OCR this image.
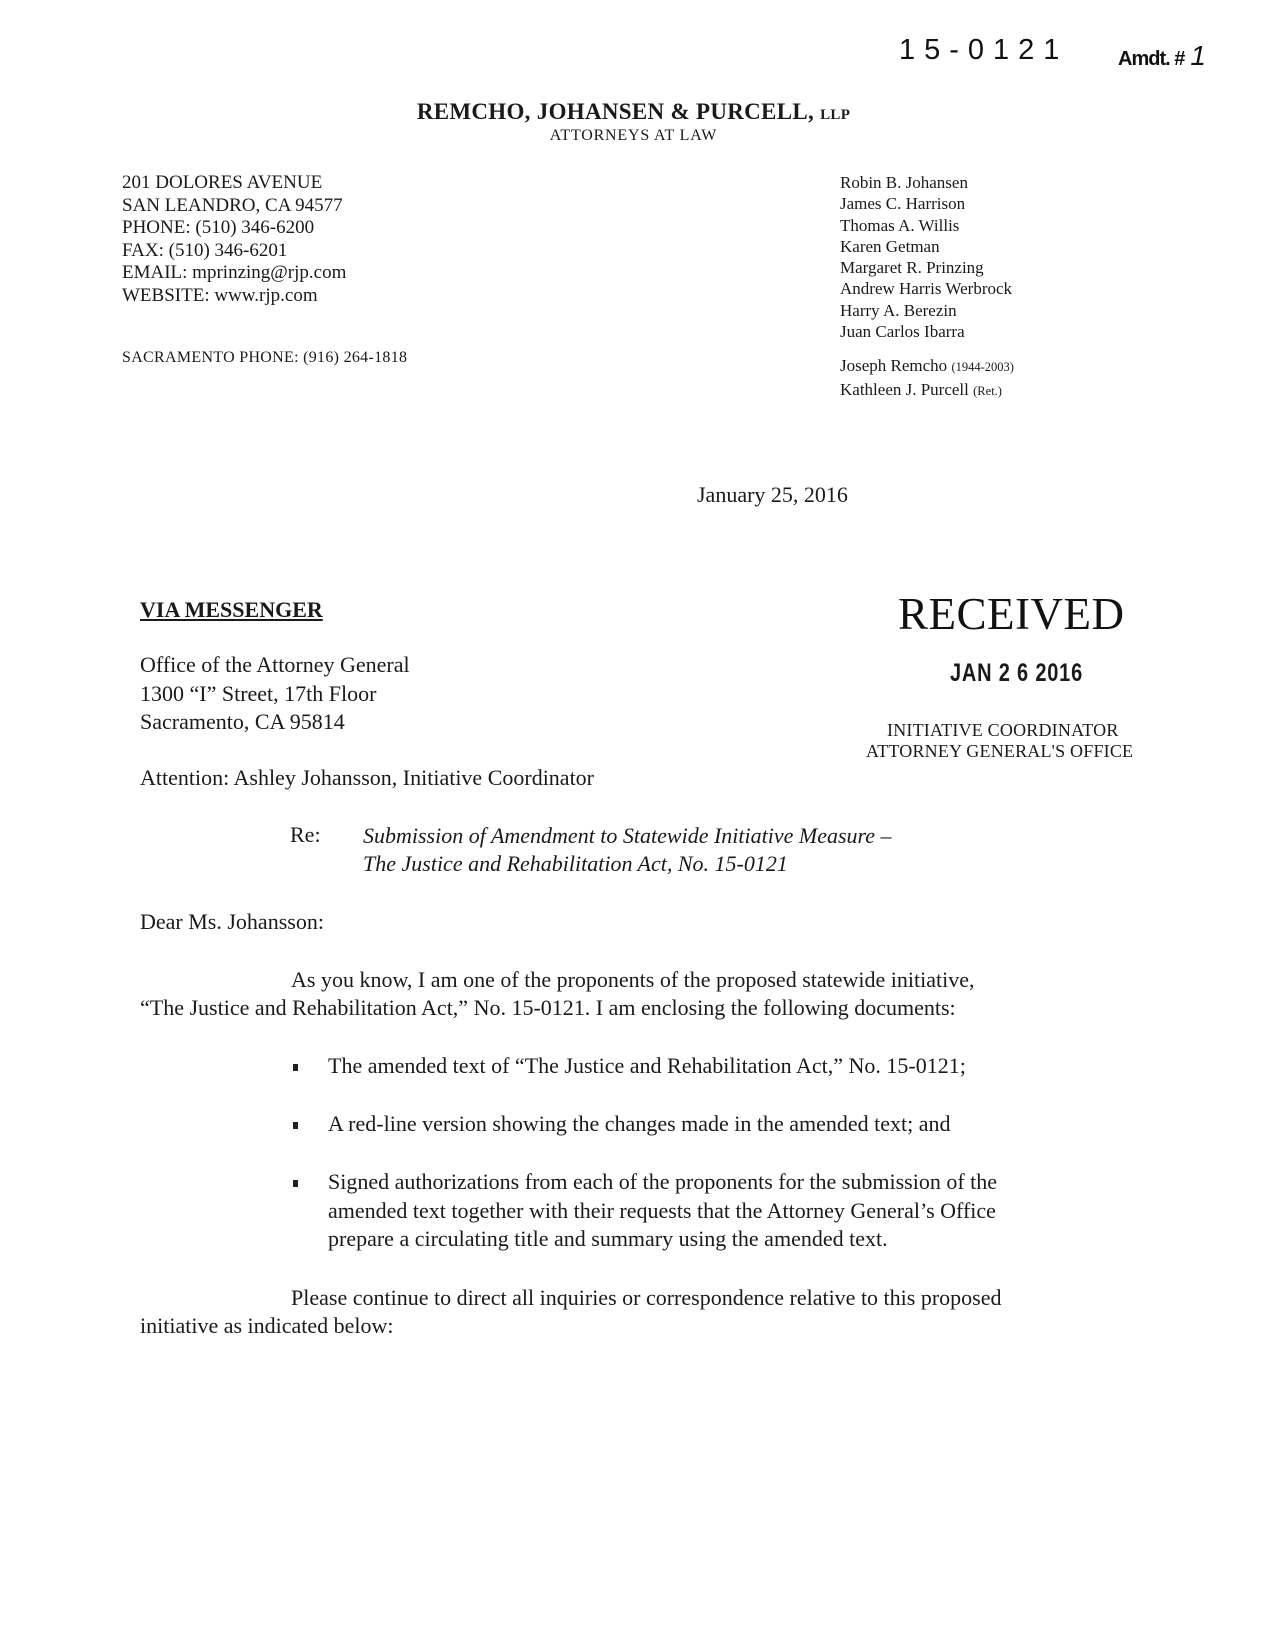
15-0121 Amdt. # 1
REMCHO, JOHANSEN & PURCELL, LLP
ATTORNEYS AT LAW
201 DOLORES AVENUE
SAN LEANDRO, CA 94577
PHONE: (510) 346-6200
FAX: (510) 346-6201
EMAIL: mprinzing@rjp.com
WEBSITE: www.rjp.com
SACRAMENTO PHONE: (916) 264-1818
Robin B. Johansen
James C. Harrison
Thomas A. Willis
Karen Getman
Margaret R. Prinzing
Andrew Harris Werbrock
Harry A. Berezin
Juan Carlos Ibarra
Joseph Remcho (1944-2003)
Kathleen J. Purcell (Ret.)
January 25, 2016
RECEIVED
JAN 2 6 2016
INITIATIVE COORDINATOR
ATTORNEY GENERAL'S OFFICE
VIA MESSENGER
Office of the Attorney General
1300 “I” Street, 17th Floor
Sacramento, CA 95814
Attention: Ashley Johansson, Initiative Coordinator
Re: Submission of Amendment to Statewide Initiative Measure –
The Justice and Rehabilitation Act, No. 15-0121
Dear Ms. Johansson:
As you know, I am one of the proponents of the proposed statewide initiative,
“The Justice and Rehabilitation Act,” No. 15-0121. I am enclosing the following documents:
The amended text of “The Justice and Rehabilitation Act,” No. 15-0121;
A red-line version showing the changes made in the amended text; and
Signed authorizations from each of the proponents for the submission of the
amended text together with their requests that the Attorney General’s Office
prepare a circulating title and summary using the amended text.
Please continue to direct all inquiries or correspondence relative to this proposed
initiative as indicated below:
